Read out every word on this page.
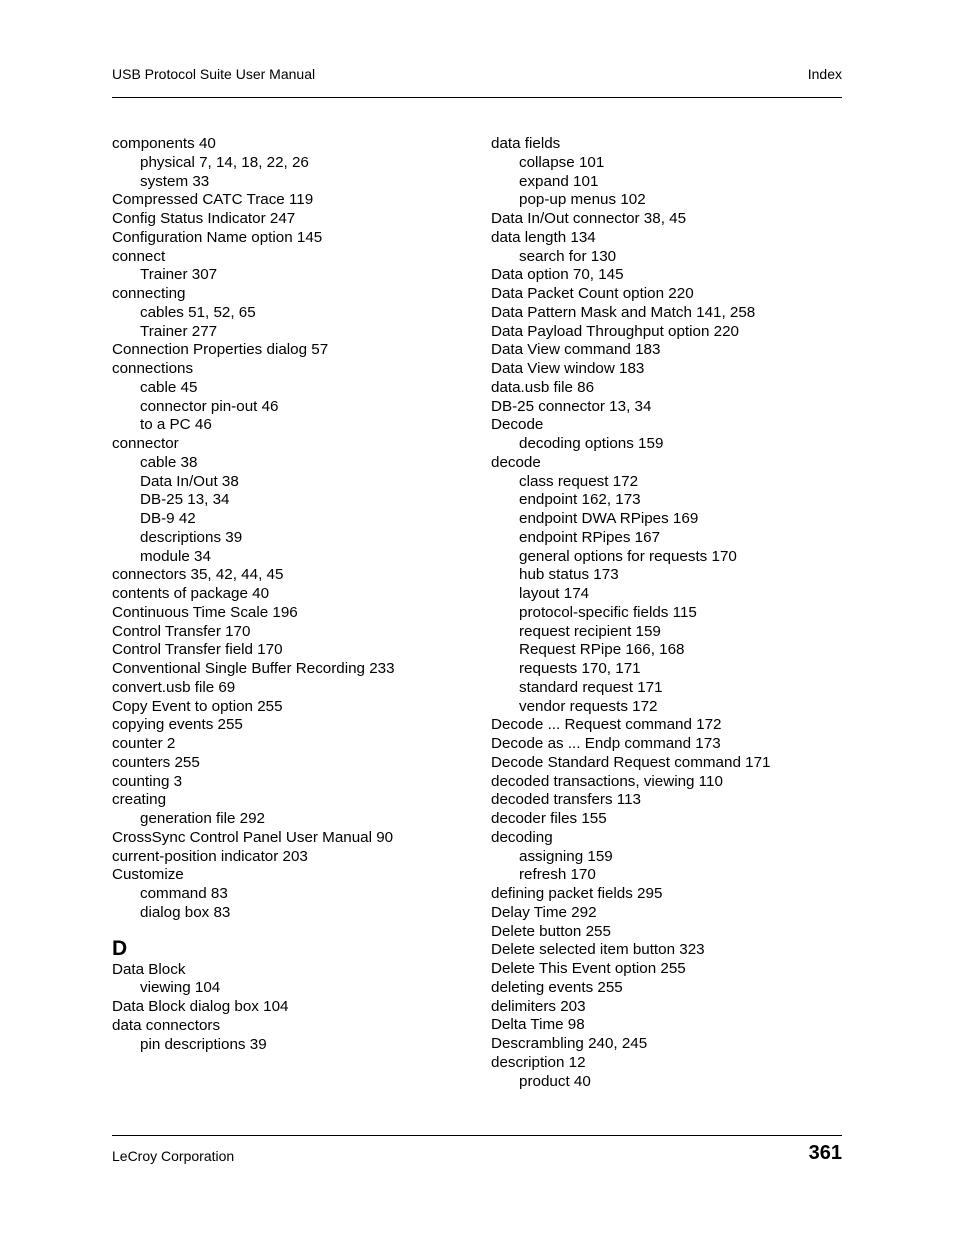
USB Protocol Suite User Manual	Index
components 40
physical 7, 14, 18, 22, 26
system 33
Compressed CATC Trace 119
Config Status Indicator 247
Configuration Name option 145
connect
Trainer 307
connecting
cables 51, 52, 65
Trainer 277
Connection Properties dialog 57
connections
cable 45
connector pin-out 46
to a PC 46
connector
cable 38
Data In/Out 38
DB-25 13, 34
DB-9 42
descriptions 39
module 34
connectors 35, 42, 44, 45
contents of package 40
Continuous Time Scale 196
Control Transfer 170
Control Transfer field 170
Conventional Single Buffer Recording 233
convert.usb file 69
Copy Event to option 255
copying events 255
counter 2
counters 255
counting 3
creating
generation file 292
CrossSync Control Panel User Manual 90
current-position indicator 203
Customize
command 83
dialog box 83
D
Data Block
viewing 104
Data Block dialog box 104
data connectors
pin descriptions 39
data fields
collapse 101
expand 101
pop-up menus 102
Data In/Out connector 38, 45
data length 134
search for 130
Data option 70, 145
Data Packet Count option 220
Data Pattern Mask and Match 141, 258
Data Payload Throughput option 220
Data View command 183
Data View window 183
data.usb file 86
DB-25 connector 13, 34
Decode
decoding options 159
decode
class request 172
endpoint 162, 173
endpoint DWA RPipes 169
endpoint RPipes 167
general options for requests 170
hub status 173
layout 174
protocol-specific fields 115
request recipient 159
Request RPipe 166, 168
requests 170, 171
standard request 171
vendor requests 172
Decode ... Request command 172
Decode as ... Endp command 173
Decode Standard Request command 171
decoded transactions, viewing 110
decoded transfers 113
decoder files 155
decoding
assigning 159
refresh 170
defining packet fields 295
Delay Time 292
Delete button 255
Delete selected item button 323
Delete This Event option 255
deleting events 255
delimiters 203
Delta Time 98
Descrambling 240, 245
description 12
product 40
LeCroy Corporation	361
